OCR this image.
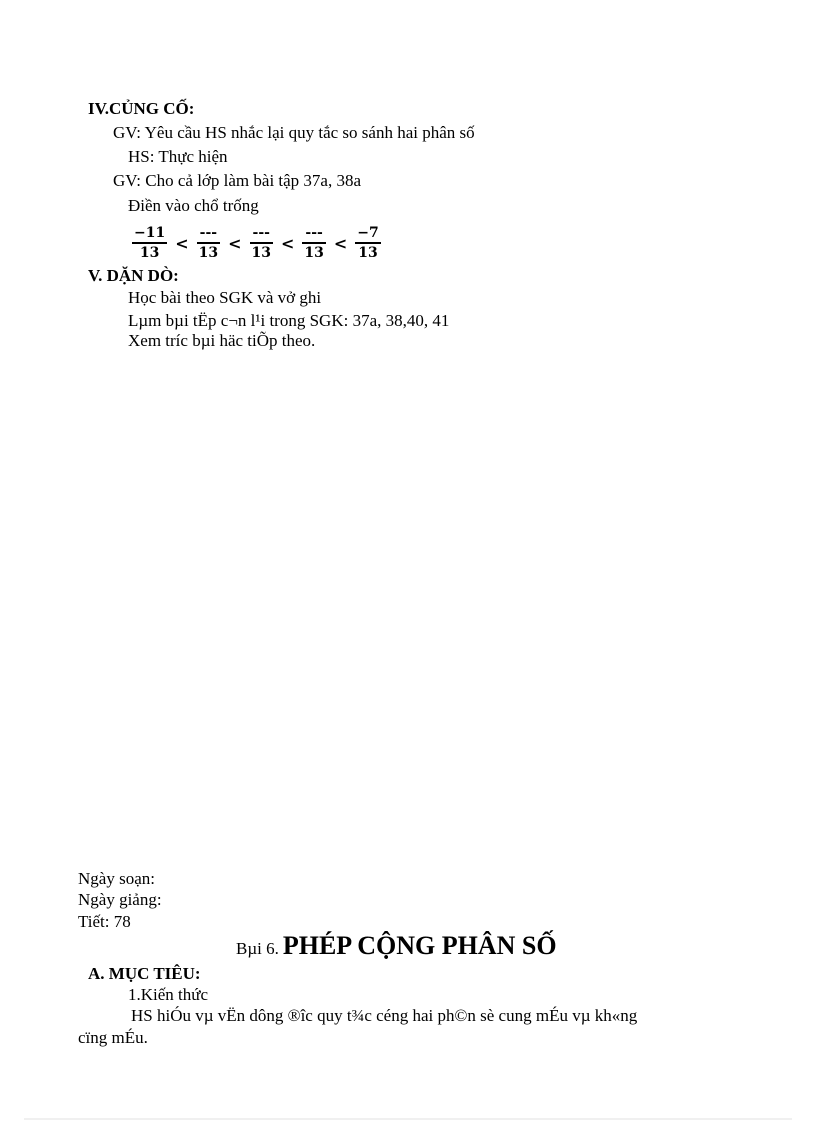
IV.CỦNG CỐ:
GV: Yêu cầu HS nhắc lại quy tắc so sánh hai phân số
HS: Thực hiện
GV: Cho cả lớp làm bài tập 37a, 38a
Điền vào chổ trống
$\frac{-11}{13} < \frac{---}{13} < \frac{---}{13} < \frac{---}{13} < \frac{-7}{13}$
V. DẶN DÒ:
Học bài theo SGK và vở ghi
Lµm bµi tËp c¬n l¹i trong SGK: 37a, 38,40, 41
Xem tríc bµi häc tiÕp theo.
Ngày soạn:
Ngày giảng:
Tiết: 78
Bµi 6. PHÉP CỘNG PHÂN SỐ
A. MỤC TIÊU:
1.Kiến thức
HS hiÓu vµ vËn dông ®îc quy t¾c céng hai ph©n sè cung mÉu vµ kh«ng
cïng mÉu.
